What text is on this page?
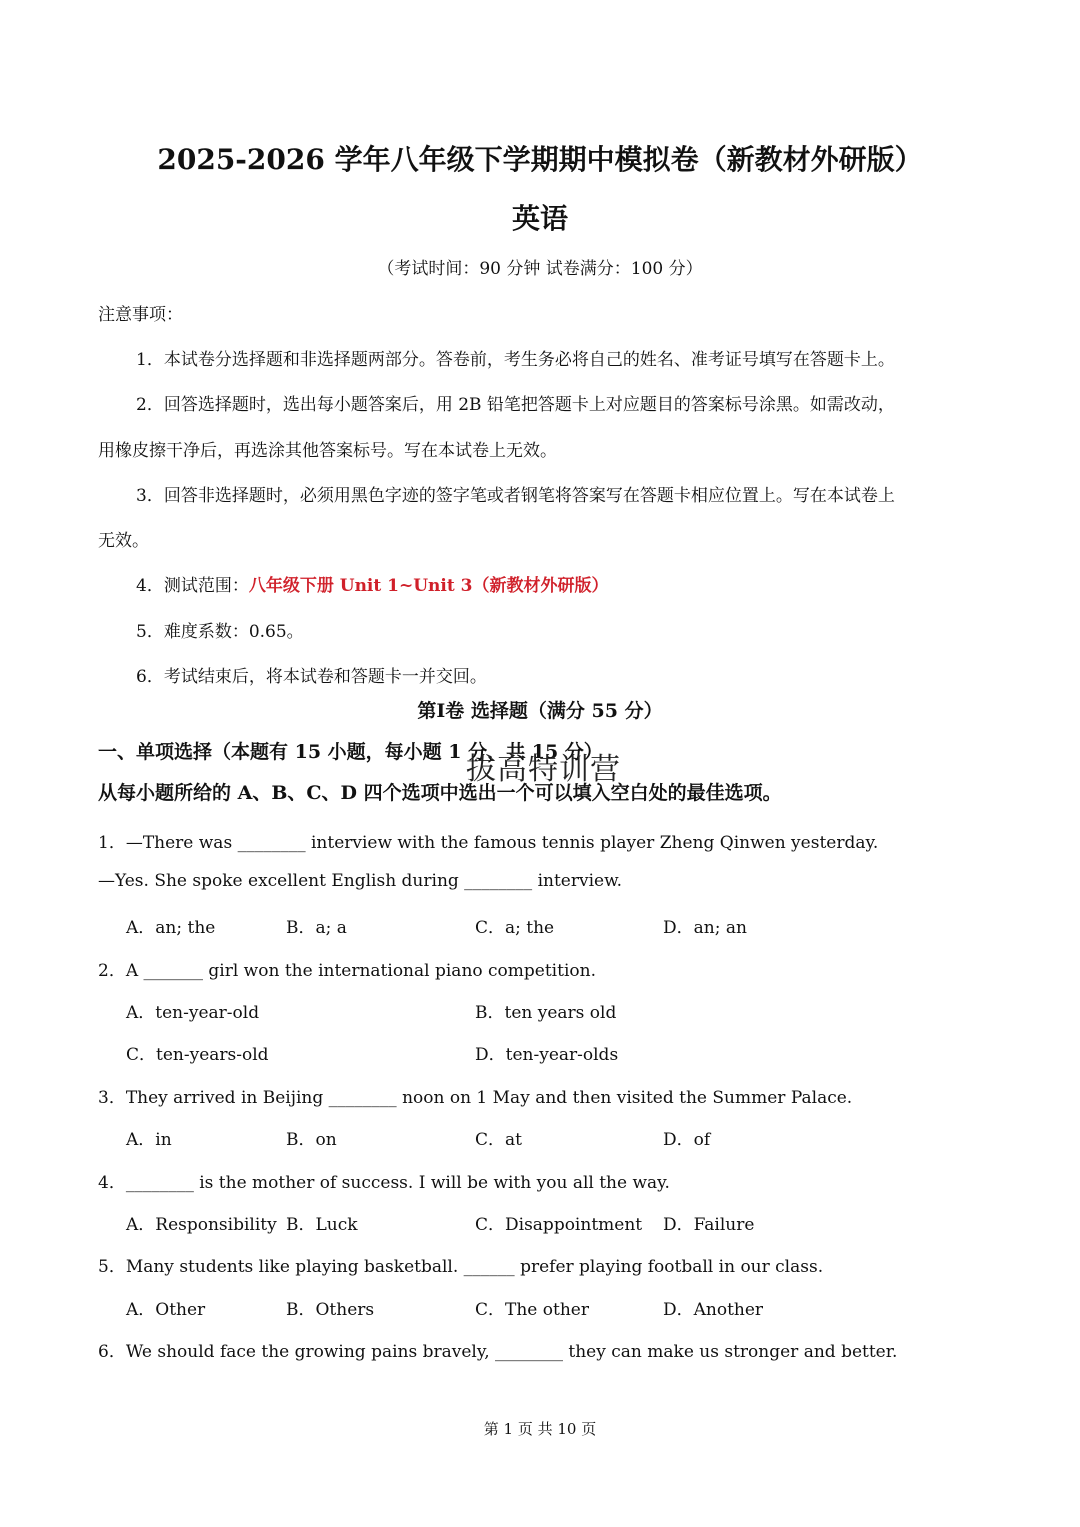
2025-2026 学年八年级下学期期中模拟卷（新教材外研版）
英语
（考试时间：90 分钟 试卷满分：100 分）
注意事项：
1．本试卷分选择题和非选择题两部分。答卷前，考生务必将自己的姓名、准考证号填写在答题卡上。
2．回答选择题时，选出每小题答案后，用 2B 铅笔把答题卡上对应题目的答案标号涂黑。如需改动，
用橡皮擦干净后，再选涂其他答案标号。写在本试卷上无效。
3．回答非选择题时，必须用黑色字迹的签字笔或者钢笔将答案写在答题卡相应位置上。写在本试卷上
无效。
4．测试范围：八年级下册 Unit 1~Unit 3（新教材外研版）
5．难度系数：0.65。
6．考试结束后，将本试卷和答题卡一并交回。
第Ⅰ卷 选择题（满分 55 分）
一、单项选择（本题有 15 小题，每小题 1 分，共 15 分）
拔高特训营
从每小题所给的 A、B、C、D 四个选项中选出一个可以填入空白处的最佳选项。
1．—There was ________ interview with the famous tennis player Zheng Qinwen yesterday.
—Yes. She spoke excellent English during ________ interview.
A．an; the	B．a; a	C．a; the	D．an; an
2．A _______ girl won the international piano competition.
A．ten-year-old	B．ten years old
C．ten-years-old	D．ten-year-olds
3．They arrived in Beijing ________ noon on 1 May and then visited the Summer Palace.
A．in	B．on	C．at	D．of
4．________ is the mother of success. I will be with you all the way.
A．Responsibility B．Luck	C．Disappointment D．Failure
5．Many students like playing basketball. ______ prefer playing football in our class.
A．Other	B．Others	C．The other	D．Another
6．We should face the growing pains bravely, ________ they can make us stronger and better.
第 1 页 共 10 页
